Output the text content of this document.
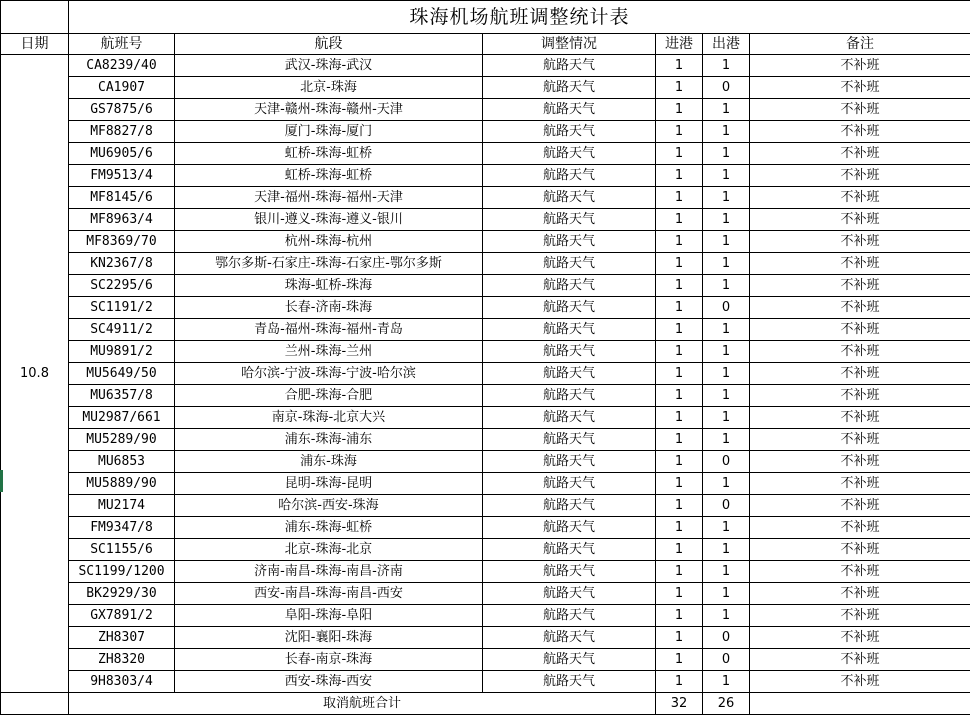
	珠海机场航班调整统计表					
日期	航班号	航段	调整情况	进港	出港	备注
10.8	CA8239/40	武汉-珠海-武汉	航路天气	1	1	不补班
	CA1907	北京-珠海	航路天气	1	0	不补班
	GS7875/6	天津-赣州-珠海-赣州-天津	航路天气	1	1	不补班
	MF8827/8	厦门-珠海-厦门	航路天气	1	1	不补班
	MU6905/6	虹桥-珠海-虹桥	航路天气	1	1	不补班
	FM9513/4	虹桥-珠海-虹桥	航路天气	1	1	不补班
	MF8145/6	天津-福州-珠海-福州-天津	航路天气	1	1	不补班
	MF8963/4	银川-遵义-珠海-遵义-银川	航路天气	1	1	不补班
	MF8369/70	杭州-珠海-杭州	航路天气	1	1	不补班
	KN2367/8	鄂尔多斯-石家庄-珠海-石家庄-鄂尔多斯	航路天气	1	1	不补班
	SC2295/6	珠海-虹桥-珠海	航路天气	1	1	不补班
	SC1191/2	长春-济南-珠海	航路天气	1	0	不补班
	SC4911/2	青岛-福州-珠海-福州-青岛	航路天气	1	1	不补班
	MU9891/2	兰州-珠海-兰州	航路天气	1	1	不补班
	MU5649/50	哈尔滨-宁波-珠海-宁波-哈尔滨	航路天气	1	1	不补班
	MU6357/8	合肥-珠海-合肥	航路天气	1	1	不补班
	MU2987/661	南京-珠海-北京大兴	航路天气	1	1	不补班
	MU5289/90	浦东-珠海-浦东	航路天气	1	1	不补班
	MU6853	浦东-珠海	航路天气	1	0	不补班
	MU5889/90	昆明-珠海-昆明	航路天气	1	1	不补班
	MU2174	哈尔滨-西安-珠海	航路天气	1	0	不补班
	FM9347/8	浦东-珠海-虹桥	航路天气	1	1	不补班
	SC1155/6	北京-珠海-北京	航路天气	1	1	不补班
	SC1199/1200	济南-南昌-珠海-南昌-济南	航路天气	1	1	不补班
	BK2929/30	西安-南昌-珠海-南昌-西安	航路天气	1	1	不补班
	GX7891/2	阜阳-珠海-阜阳	航路天气	1	1	不补班
	ZH8307	沈阳-襄阳-珠海	航路天气	1	0	不补班
	ZH8320	长春-南京-珠海	航路天气	1	0	不补班
	9H8303/4	西安-珠海-西安	航路天气	1	1	不补班
	取消航班合计			32	26	
